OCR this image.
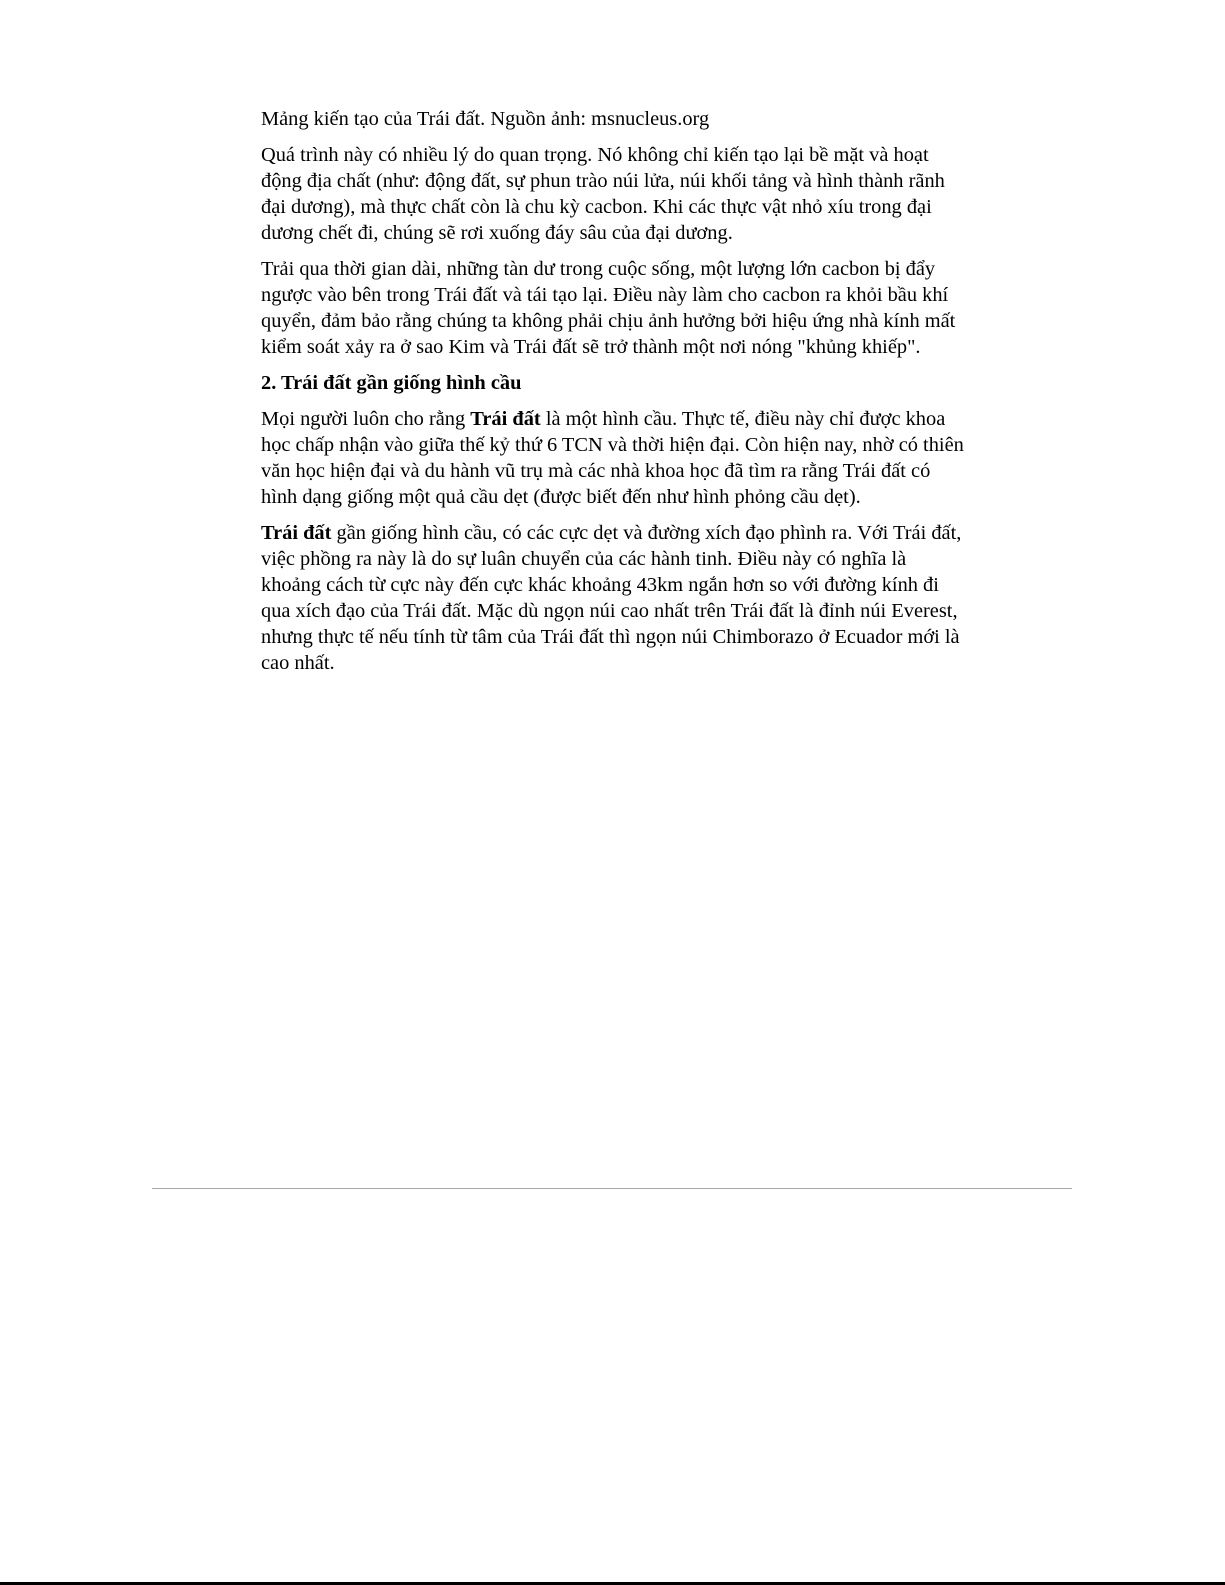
Mảng kiến tạo của Trái đất. Nguồn ảnh: msnucleus.org

Quá trình này có nhiều lý do quan trọng. Nó không chỉ kiến tạo lại bề mặt và hoạt động địa chất (như: động đất, sự phun trào núi lửa, núi khối tảng và hình thành rãnh đại dương), mà thực chất còn là chu kỳ cacbon. Khi các thực vật nhỏ xíu trong đại dương chết đi, chúng sẽ rơi xuống đáy sâu của đại dương.

Trải qua thời gian dài, những tàn dư trong cuộc sống, một lượng lớn cacbon bị đẩy ngược vào bên trong Trái đất và tái tạo lại. Điều này làm cho cacbon ra khỏi bầu khí quyển, đảm bảo rằng chúng ta không phải chịu ảnh hưởng bởi hiệu ứng nhà kính mất kiểm soát xảy ra ở sao Kim và Trái đất sẽ trở thành một nơi nóng "khủng khiếp".

2. Trái đất gần giống hình cầu

Mọi người luôn cho rằng Trái đất là một hình cầu. Thực tế, điều này chỉ được khoa học chấp nhận vào giữa thế kỷ thứ 6 TCN và thời hiện đại. Còn hiện nay, nhờ có thiên văn học hiện đại và du hành vũ trụ mà các nhà khoa học đã tìm ra rằng Trái đất có hình dạng giống một quả cầu dẹt (được biết đến như hình phỏng cầu dẹt).

Trái đất gần giống hình cầu, có các cực dẹt và đường xích đạo phình ra. Với Trái đất, việc phồng ra này là do sự luân chuyển của các hành tinh. Điều này có nghĩa là khoảng cách từ cực này đến cực khác khoảng 43km ngắn hơn so với đường kính đi qua xích đạo của Trái đất. Mặc dù ngọn núi cao nhất trên Trái đất là đỉnh núi Everest, nhưng thực tế nếu tính từ tâm của Trái đất thì ngọn núi Chimborazo ở Ecuador mới là cao nhất.
